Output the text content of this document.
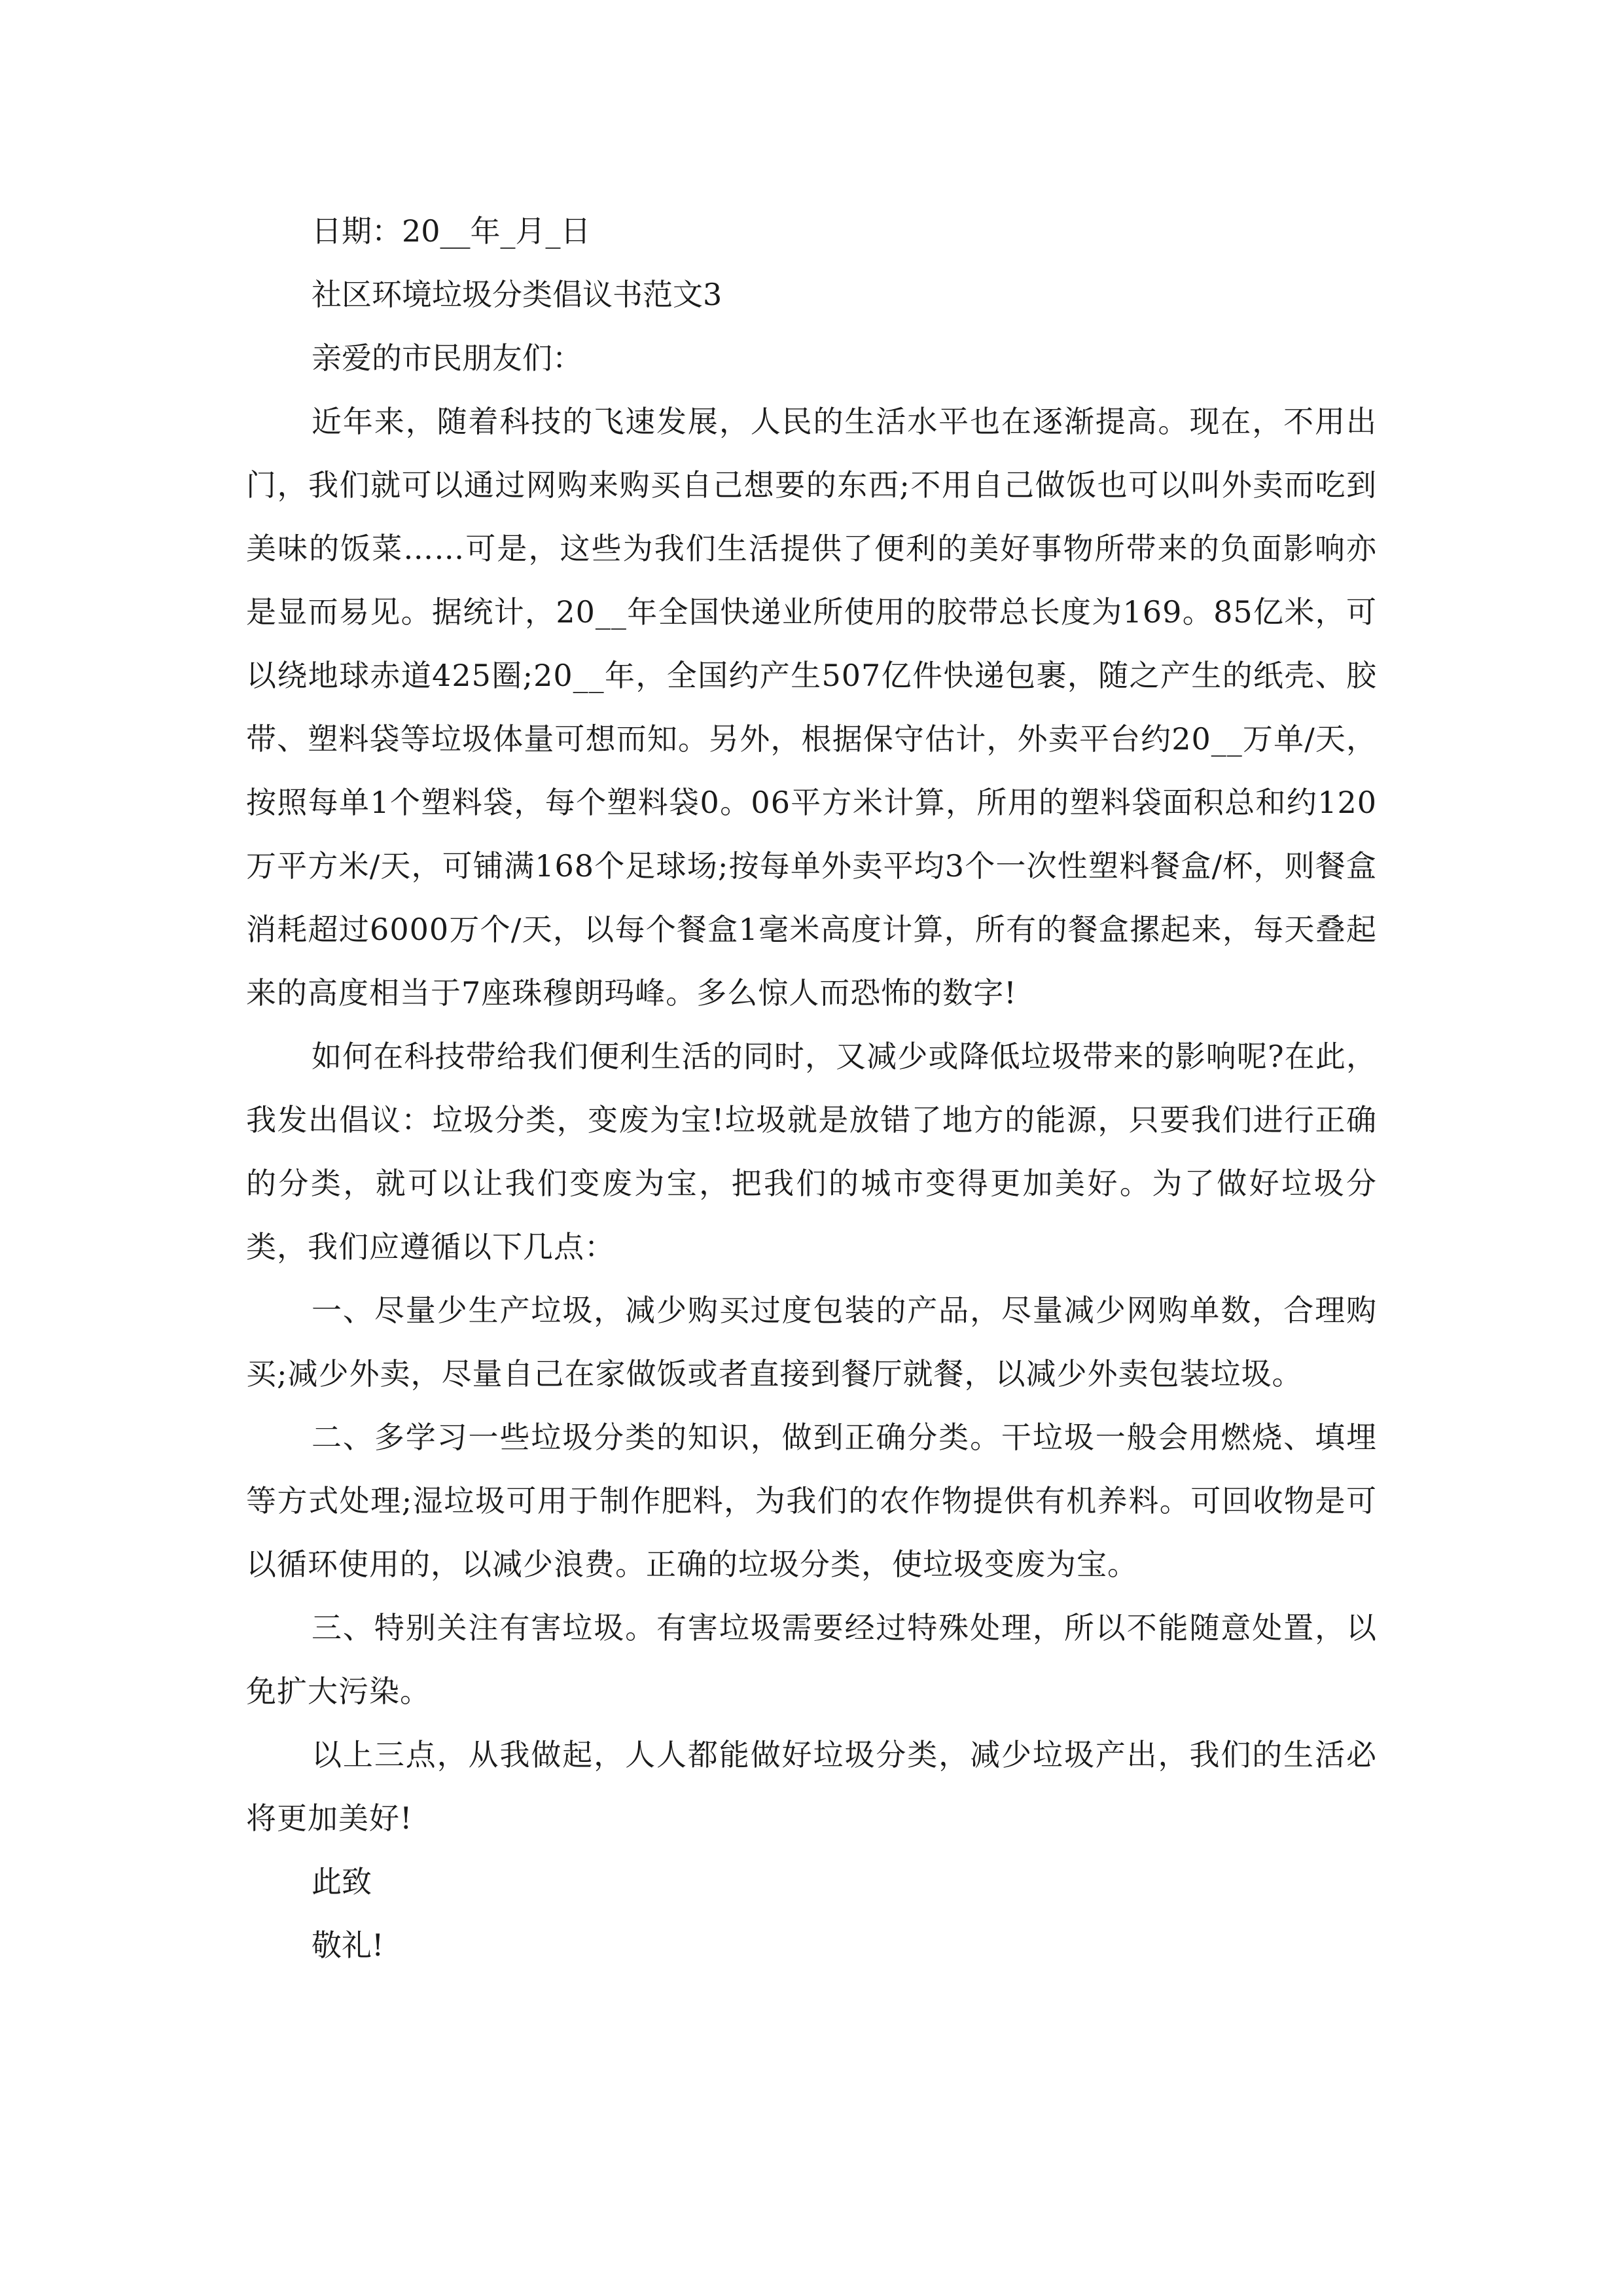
日期：20__年_月_日

社区环境垃圾分类倡议书范文3

亲爱的市民朋友们：

近年来，随着科技的飞速发展，人民的生活水平也在逐渐提高。现在，不用出门，我们就可以通过网购来购买自己想要的东西;不用自己做饭也可以叫外卖而吃到美味的饭菜……可是，这些为我们生活提供了便利的美好事物所带来的负面影响亦是显而易见。据统计，20__年全国快递业所使用的胶带总长度为169。85亿米，可以绕地球赤道425圈;20__年，全国约产生507亿件快递包裹，随之产生的纸壳、胶带、塑料袋等垃圾体量可想而知。另外，根据保守估计，外卖平台约20__万单/天，按照每单1个塑料袋，每个塑料袋0。06平方米计算，所用的塑料袋面积总和约120万平方米/天，可铺满168个足球场;按每单外卖平均3个一次性塑料餐盒/杯，则餐盒消耗超过6000万个/天，以每个餐盒1毫米高度计算，所有的餐盒摞起来，每天叠起来的高度相当于7座珠穆朗玛峰。多么惊人而恐怖的数字!

如何在科技带给我们便利生活的同时，又减少或降低垃圾带来的影响呢?在此，我发出倡议：垃圾分类，变废为宝!垃圾就是放错了地方的能源，只要我们进行正确的分类，就可以让我们变废为宝，把我们的城市变得更加美好。为了做好垃圾分类，我们应遵循以下几点：

一、尽量少生产垃圾，减少购买过度包装的产品，尽量减少网购单数，合理购买;减少外卖，尽量自己在家做饭或者直接到餐厅就餐，以减少外卖包装垃圾。

二、多学习一些垃圾分类的知识，做到正确分类。干垃圾一般会用燃烧、填埋等方式处理;湿垃圾可用于制作肥料，为我们的农作物提供有机养料。可回收物是可以循环使用的，以减少浪费。正确的垃圾分类，使垃圾变废为宝。

三、特别关注有害垃圾。有害垃圾需要经过特殊处理，所以不能随意处置，以免扩大污染。

以上三点，从我做起，人人都能做好垃圾分类，减少垃圾产出，我们的生活必将更加美好!

此致

敬礼!
